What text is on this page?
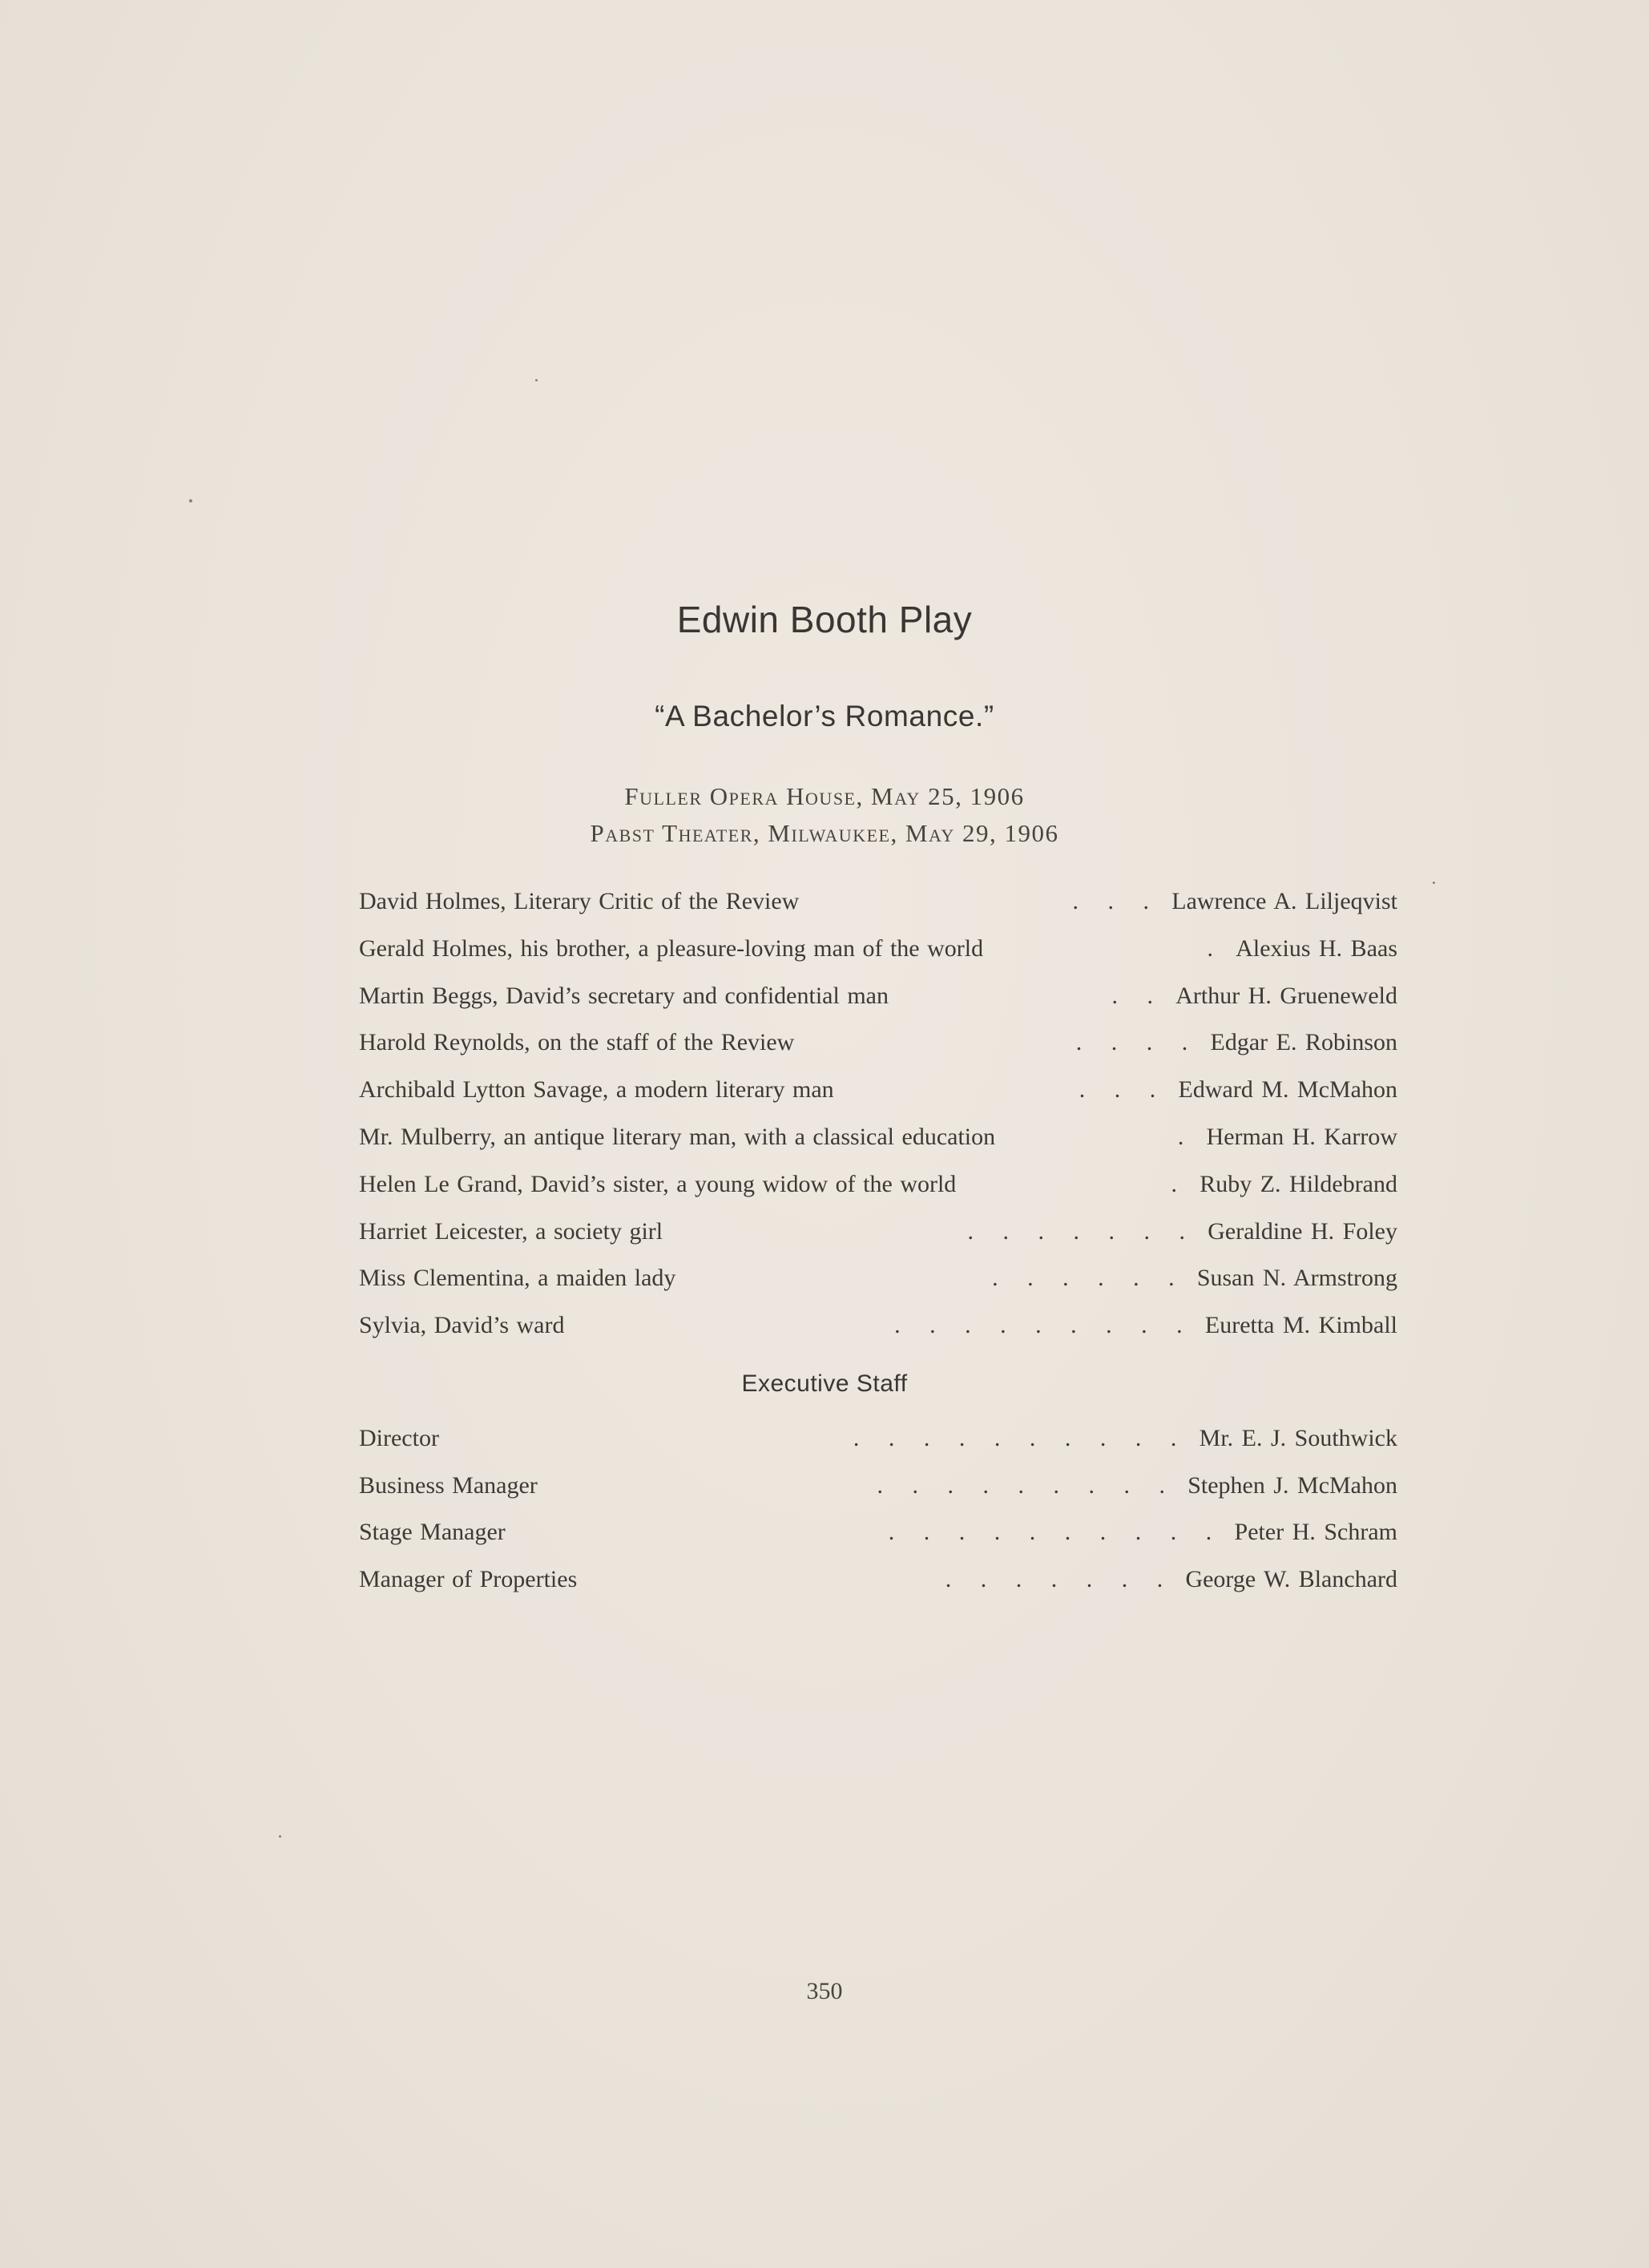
Edwin Booth Play
“A Bachelor’s Romance.”
Fuller Opera House, May 25, 1906
Pabst Theater, Milwaukee, May 29, 1906
David Holmes, Literary Critic of the Review	Lawrence A. Liljeqvist
. . .
Gerald Holmes, his brother, a pleasure-loving man of the world	Alexius H. Baas
.
Martin Beggs, David’s secretary and confidential man	Arthur H. Grueneweld
. .
Harold Reynolds, on the staff of the Review	Edgar E. Robinson
. . . .
Archibald Lytton Savage, a modern literary man	Edward M. McMahon
. . .
Mr. Mulberry, an antique literary man, with a classical education	Herman H. Karrow
.
Helen Le Grand, David’s sister, a young widow of the world	Ruby Z. Hildebrand
.
Harriet Leicester, a society girl	Geraldine H. Foley
. . . . . . .
Miss Clementina, a maiden lady	Susan N. Armstrong
. . . . . .
Sylvia, David’s ward	Euretta M. Kimball
. . . . . . . . .
Executive Staff
Director	Mr. E. J. Southwick
. . . . . . . . . .
Business Manager	Stephen J. McMahon
. . . . . . . . .
Stage Manager	Peter H. Schram
. . . . . . . . . .
Manager of Properties	George W. Blanchard
. . . . . . .
350
